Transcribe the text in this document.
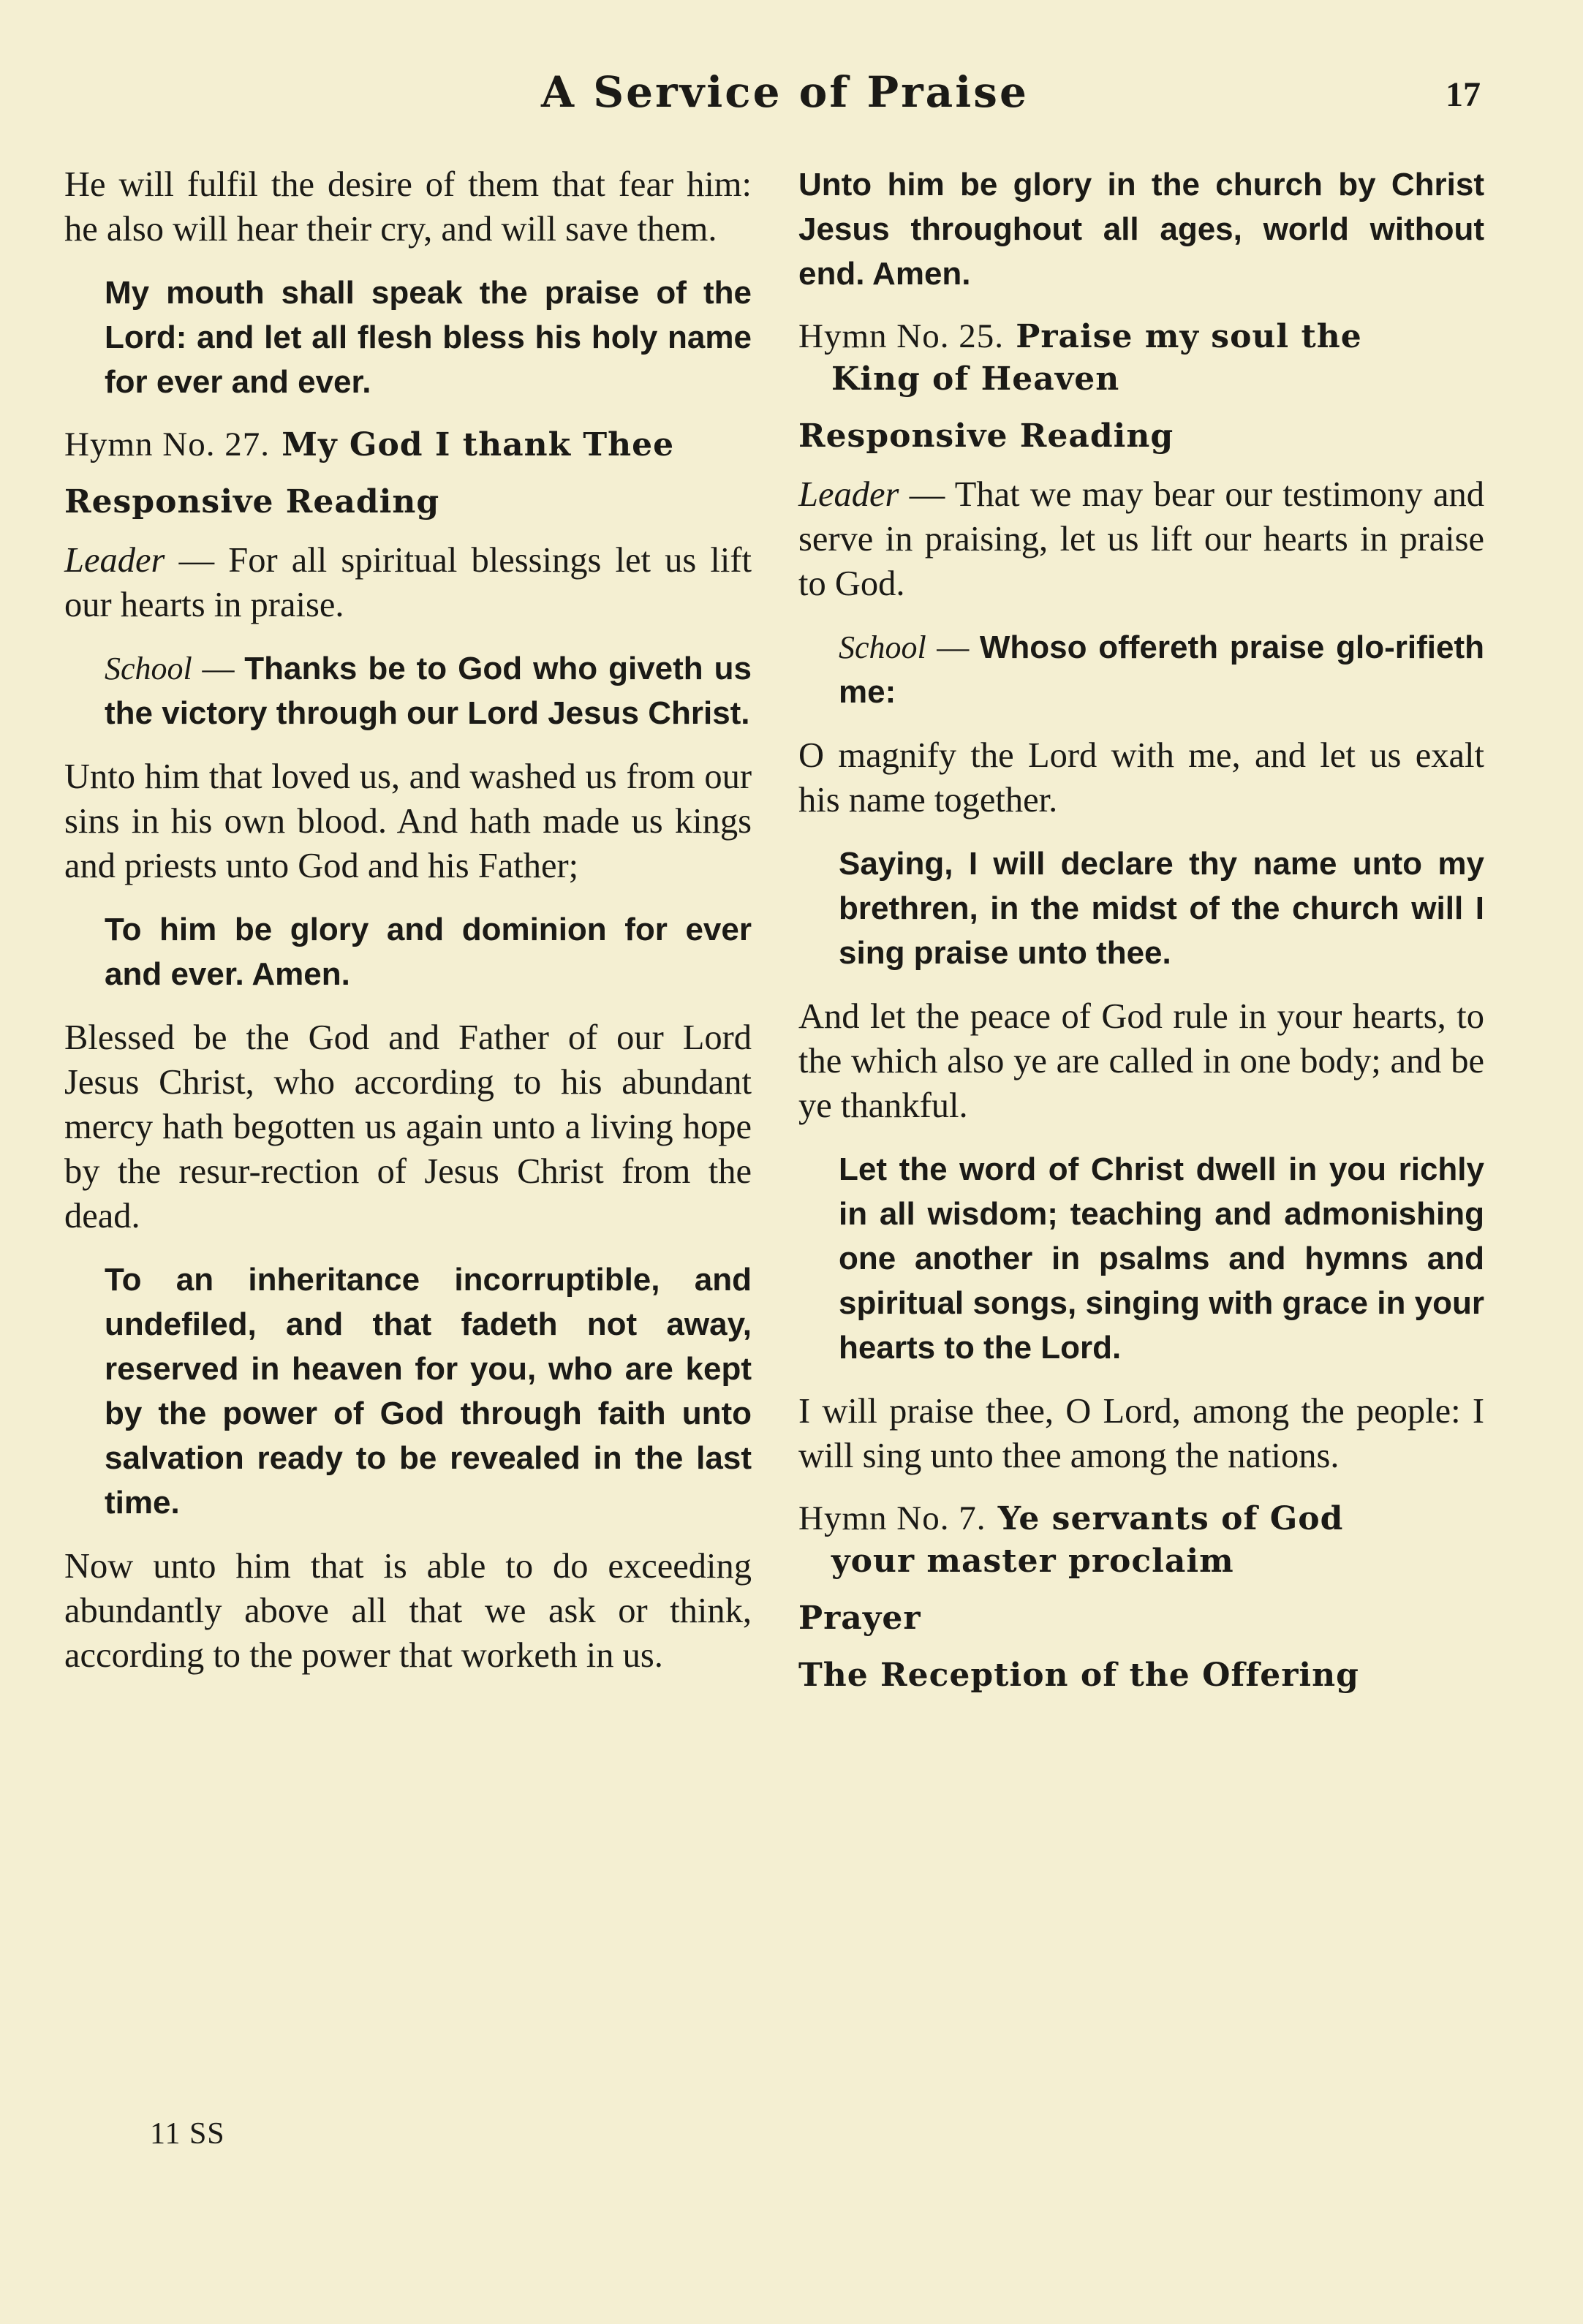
A Service of Praise	17

He will fulfil the desire of them that fear him: he also will hear their cry, and will save them.

My mouth shall speak the praise of the Lord: and let all flesh bless his holy name for ever and ever.

Hymn No. 27. My God I thank Thee
Responsive Reading

Leader — For all spiritual blessings let us lift our hearts in praise.

School — Thanks be to God who giveth us the victory through our Lord Jesus Christ.

Unto him that loved us, and washed us from our sins in his own blood. And hath made us kings and priests unto God and his Father;

To him be glory and dominion for ever and ever. Amen.

Blessed be the God and Father of our Lord Jesus Christ, who according to his abundant mercy hath begotten us again unto a living hope by the resur-rection of Jesus Christ from the dead.

To an inheritance incorruptible, and undefiled, and that fadeth not away, reserved in heaven for you, who are kept by the power of God through faith unto salvation ready to be revealed in the last time.

Now unto him that is able to do exceeding abundantly above all that we ask or think, according to the power that worketh in us.

Unto him be glory in the church by Christ Jesus throughout all ages, world without end. Amen.

Hymn No. 25. Praise my soul the
King of Heaven
Responsive Reading

Leader — That we may bear our testimony and serve in praising, let us lift our hearts in praise to God.

School — Whoso offereth praise glo-rifieth me:

O magnify the Lord with me, and let us exalt his name together.

Saying, I will declare thy name unto my brethren, in the midst of the church will I sing praise unto thee.

And let the peace of God rule in your hearts, to the which also ye are called in one body; and be ye thankful.

Let the word of Christ dwell in you richly in all wisdom; teaching and admonishing one another in psalms and hymns and spiritual songs, singing with grace in your hearts to the Lord.

I will praise thee, O Lord, among the people: I will sing unto thee among the nations.

Hymn No. 7. Ye servants of God
your master proclaim
Prayer
The Reception of the Offering
11 SS
